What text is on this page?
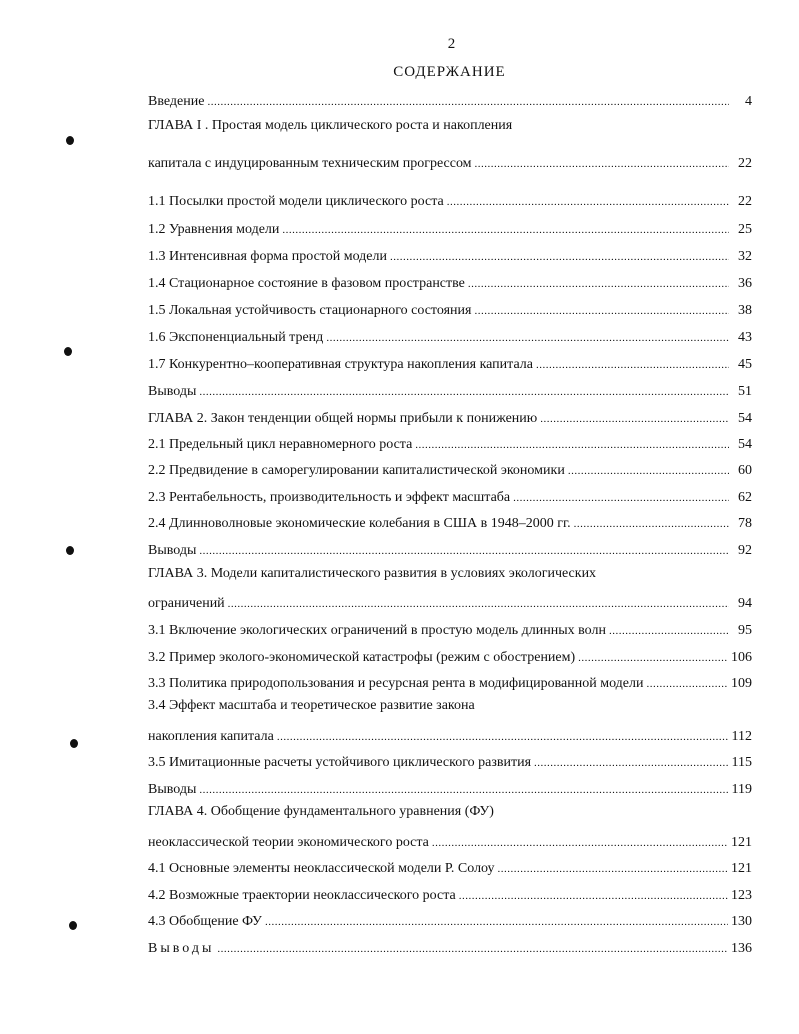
2
СОДЕРЖАНИЕ
Введение .....	4
ГЛАВА I . Простая модель циклического роста и накопления
капитала с индуцированным техническим прогрессом .....	22
1.1 Посылки простой модели циклического роста .....	22
1.2 Уравнения модели .....	25
1.3 Интенсивная форма простой модели .....	32
1.4 Стационарное состояние в фазовом пространстве .....	36
1.5 Локальная устойчивость стационарного состояния .....	38
1.6 Экспоненциальный тренд .....	43
1.7 Конкурентно–кооперативная структура накопления капитала .....	45
Выводы .....	51
ГЛАВА 2. Закон тенденции общей нормы прибыли к понижению .....	54
2.1 Предельный цикл неравномерного роста .....	54
2.2 Предвидение в саморегулировании капиталистической экономики .....	60
2.3 Рентабельность, производительность и эффект масштаба .....	62
2.4 Длинноволновые экономические колебания в США в 1948–2000 гг. .....	78
Выводы .....	92
ГЛАВА 3. Модели капиталистического развития в условиях экологических
ограничений .....	94
3.1 Включение экологических ограничений в простую модель длинных волн .....	95
3.2 Пример эколого-экономической катастрофы (режим с обострением) .....	106
3.3 Политика природопользования и ресурсная рента в модифицированной модели .....	109
3.4 Эффект масштаба и теоретическое развитие закона
накопления капитала .....	112
3.5 Имитационные расчеты устойчивого циклического развития .....	115
Выводы .....	119
ГЛАВА 4. Обобщение фундаментального уравнения (ФУ)
неоклассической теории экономического роста .....	121
4.1 Основные элементы неоклассической модели Р. Солоу .....	121
4.2 Возможные траектории неоклассического роста .....	123
4.3 Обобщение ФУ .....	130
Выводы .....	136
